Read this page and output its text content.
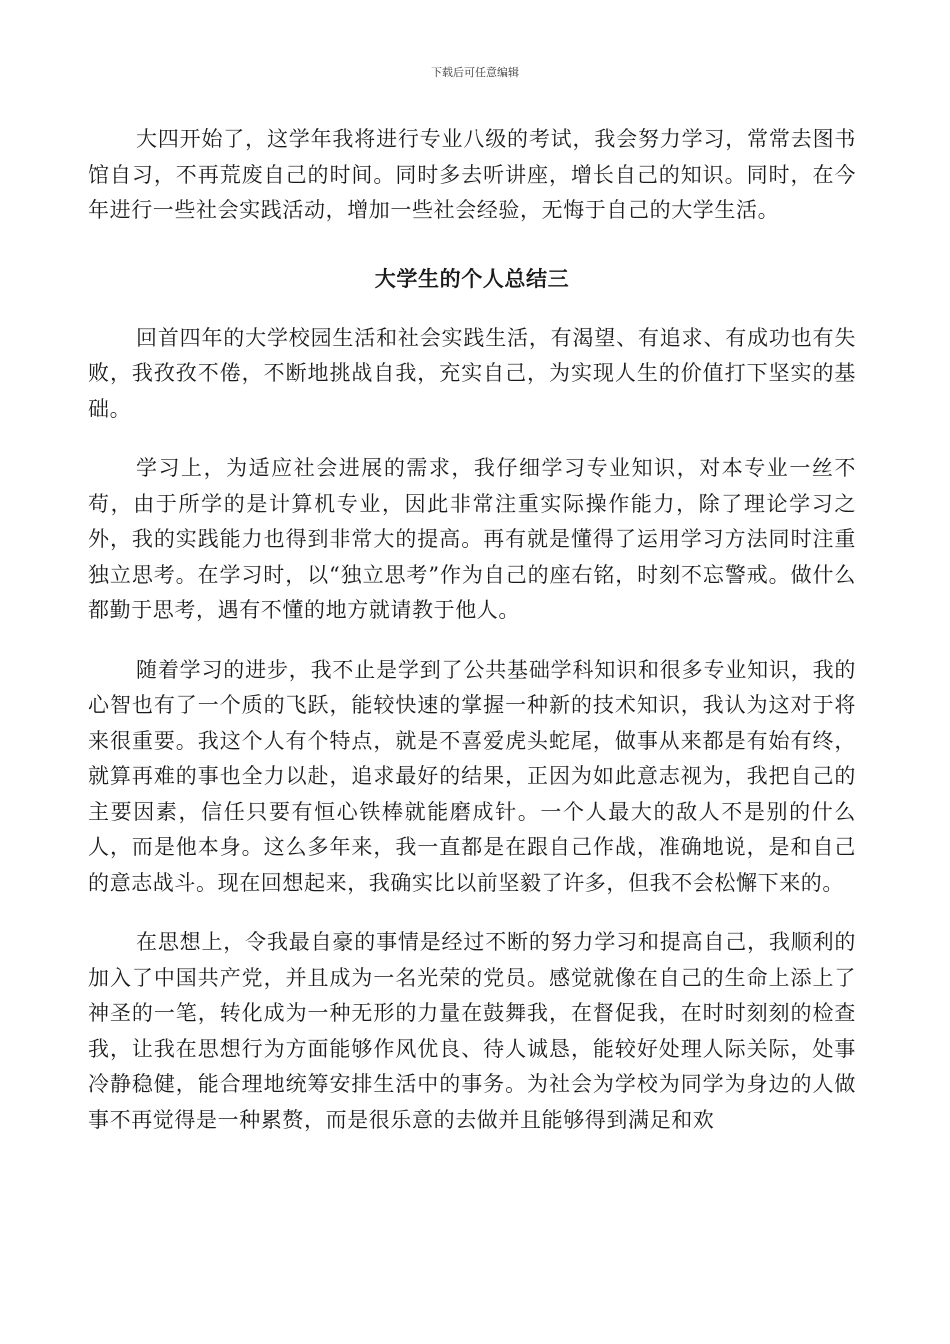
下载后可任意编辑

大四开始了，这学年我将进行专业八级的考试，我会努力学习，常常去图书馆自习，不再荒废自己的时间。同时多去听讲座，增长自己的知识。同时，在今年进行一些社会实践活动，增加一些社会经验，无悔于自己的大学生活。

大学生的个人总结三

回首四年的大学校园生活和社会实践生活，有渴望、有追求、有成功也有失败，我孜孜不倦，不断地挑战自我，充实自己，为实现人生的价值打下坚实的基础。

学习上，为适应社会进展的需求，我仔细学习专业知识，对本专业一丝不苟，由于所学的是计算机专业，因此非常注重实际操作能力，除了理论学习之外，我的实践能力也得到非常大的提高。再有就是懂得了运用学习方法同时注重独立思考。在学习时，以“独立思考”作为自己的座右铭，时刻不忘警戒。做什么都勤于思考，遇有不懂的地方就请教于他人。

随着学习的进步，我不止是学到了公共基础学科知识和很多专业知识，我的心智也有了一个质的飞跃，能较快速的掌握一种新的技术知识，我认为这对于将来很重要。我这个人有个特点，就是不喜爱虎头蛇尾，做事从来都是有始有终，就算再难的事也全力以赴，追求最好的结果，正因为如此意志视为，我把自己的主要因素，信任只要有恒心铁棒就能磨成针。一个人最大的敌人不是别的什么人，而是他本身。这么多年来，我一直都是在跟自己作战，准确地说，是和自己的意志战斗。现在回想起来，我确实比以前坚毅了许多，但我不会松懈下来的。

在思想上，令我最自豪的事情是经过不断的努力学习和提高自己，我顺利的加入了中国共产党，并且成为一名光荣的党员。感觉就像在自己的生命上添上了神圣的一笔，转化成为一种无形的力量在鼓舞我，在督促我，在时时刻刻的检查我，让我在思想行为方面能够作风优良、待人诚恳，能较好处理人际关际，处事冷静稳健，能合理地统筹安排生活中的事务。为社会为学校为同学为身边的人做事不再觉得是一种累赘，而是很乐意的去做并且能够得到满足和欢
